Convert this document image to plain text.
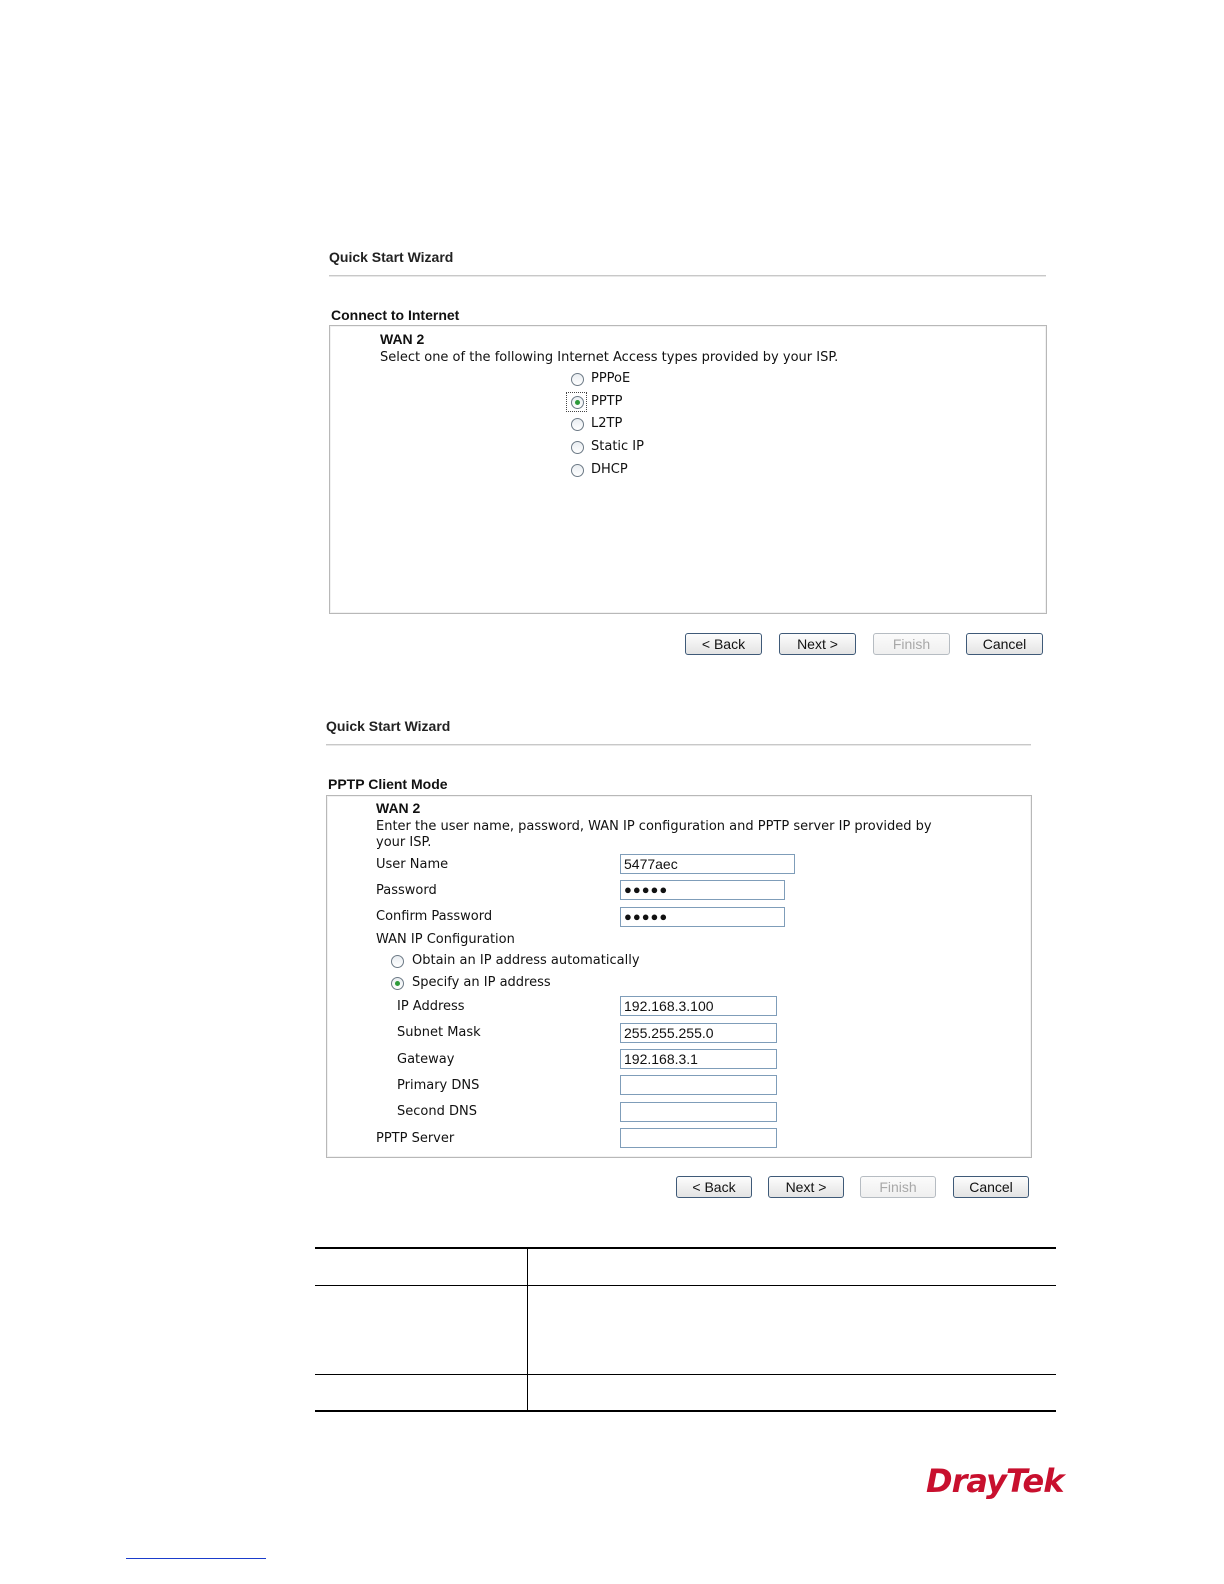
Quick Start Wizard
Connect to Internet
WAN 2
Select one of the following Internet Access types provided by your ISP.
PPPoE
PPTP
L2TP
Static IP
DHCP
< Back	Next >	Finish	Cancel
Quick Start Wizard
PPTP Client Mode
WAN 2
Enter the user name, password, WAN IP configuration and PPTP server IP provided by
your ISP.
User Name	5477aec
Password	●●●●●
Confirm Password	●●●●●
WAN IP Configuration
Obtain an IP address automatically
Specify an IP address
IP Address	192.168.3.100
Subnet Mask	255.255.255.0
Gateway	192.168.3.1
Primary DNS
Second DNS
PPTP Server
< Back	Next >	Finish	Cancel
DrayTek
